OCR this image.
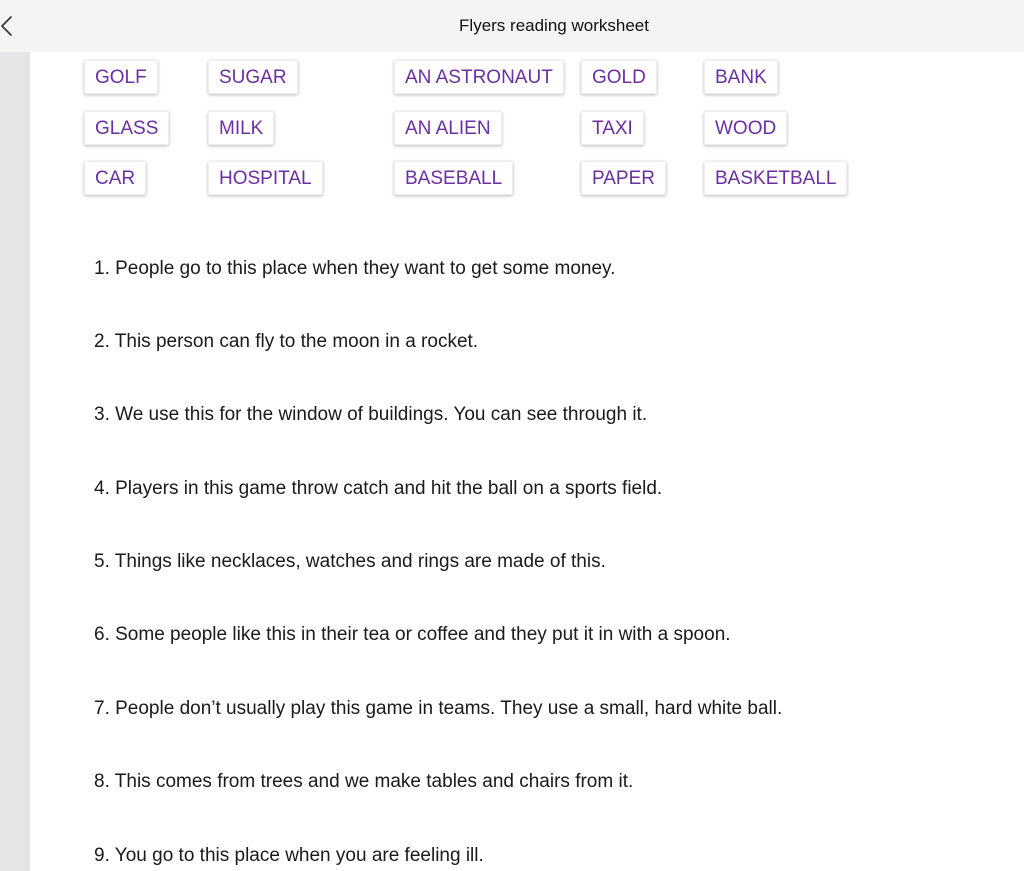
Flyers reading worksheet
GOLF	SUGAR	AN ASTRONAUT	GOLD	BANK
GLASS	MILK	AN ALIEN	TAXI	WOOD
CAR	HOSPITAL	BASEBALL	PAPER	BASKETBALL
1. People go to this place when they want to get some money.
2. This person can fly to the moon in a rocket.
3. We use this for the window of buildings. You can see through it.
4. Players in this game throw catch and hit the ball on a sports field.
5. Things like necklaces, watches and rings are made of this.
6. Some people like this in their tea or coffee and they put it in with a spoon.
7. People don’t usually play this game in teams. They use a small, hard white ball.
8. This comes from trees and we make tables and chairs from it.
9. You go to this place when you are feeling ill.
